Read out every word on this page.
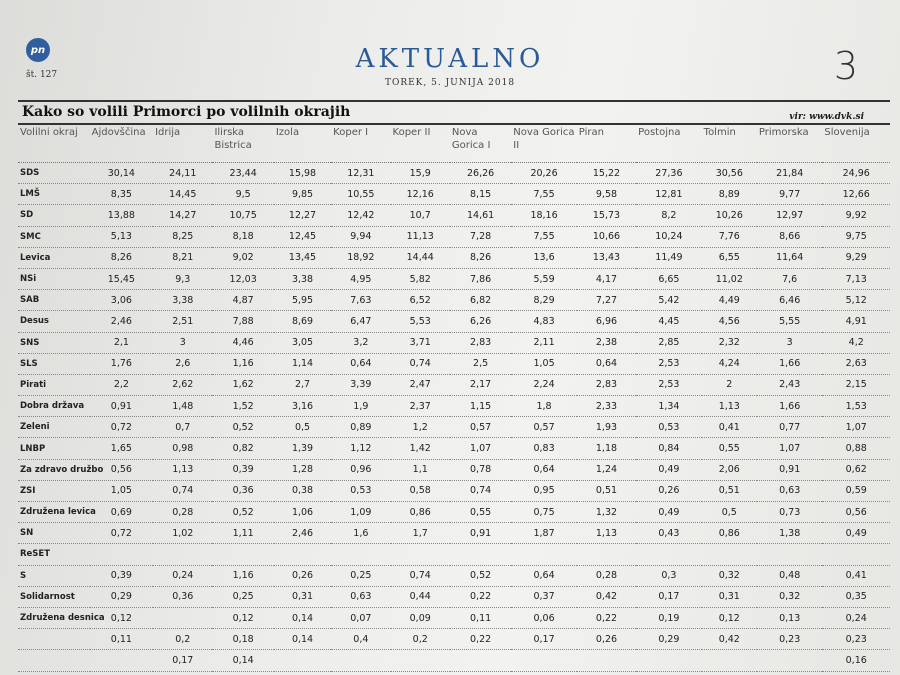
pn
št. 127
AKTUALNO
TOREK, 5. JUNIJA 2018	3
Kako so volili Primorci po volilnih okrajih	vir: www.dvk.si
Volilni okraj	Ajdovščina	Idrija	Ilirska Bistrica	Izola	Koper I	Koper II	Nova Gorica I	Nova Gorica II	Piran	Postojna	Tolmin	Primorska	Slovenija
SDS	30,14	24,11	23,44	15,98	12,31	15,9	26,26	20,26	15,22	27,36	30,56	21,84	24,96
LMŠ	8,35	14,45	9,5	9,85	10,55	12,16	8,15	7,55	9,58	12,81	8,89	9,77	12,66
SD	13,88	14,27	10,75	12,27	12,42	10,7	14,61	18,16	15,73	8,2	10,26	12,97	9,92
SMC	5,13	8,25	8,18	12,45	9,94	11,13	7,28	7,55	10,66	10,24	7,76	8,66	9,75
Levica	8,26	8,21	9,02	13,45	18,92	14,44	8,26	13,6	13,43	11,49	6,55	11,64	9,29
NSi	15,45	9,3	12,03	3,38	4,95	5,82	7,86	5,59	4,17	6,65	11,02	7,6	7,13
SAB	3,06	3,38	4,87	5,95	7,63	6,52	6,82	8,29	7,27	5,42	4,49	6,46	5,12
Desus	2,46	2,51	7,88	8,69	6,47	5,53	6,26	4,83	6,96	4,45	4,56	5,55	4,91
SNS	2,1	3	4,46	3,05	3,2	3,71	2,83	2,11	2,38	2,85	2,32	3	4,2
SLS	1,76	2,6	1,16	1,14	0,64	0,74	2,5	1,05	0,64	2,53	4,24	1,66	2,63
Pirati	2,2	2,62	1,62	2,7	3,39	2,47	2,17	2,24	2,83	2,53	2	2,43	2,15
Dobra država	0,91	1,48	1,52	3,16	1,9	2,37	1,15	1,8	2,33	1,34	1,13	1,66	1,53
Zeleni	0,72	0,7	0,52	0,5	0,89	1,2	0,57	0,57	1,93	0,53	0,41	0,77	1,07
LNBP	1,65	0,98	0,82	1,39	1,12	1,42	1,07	0,83	1,18	0,84	0,55	1,07	0,88
Za zdravo družbo	0,56	1,13	0,39	1,28	0,96	1,1	0,78	0,64	1,24	0,49	2,06	0,91	0,62
ZSI	1,05	0,74	0,36	0,38	0,53	0,58	0,74	0,95	0,51	0,26	0,51	0,63	0,59
Združena levica	0,69	0,28	0,52	1,06	1,09	0,86	0,55	0,75	1,32	0,49	0,5	0,73	0,56
SN	0,72	1,02	1,11	2,46	1,6	1,7	0,91	1,87	1,13	0,43	0,86	1,38	0,49
ReSET													
S	0,39	0,24	1,16	0,26	0,25	0,74	0,52	0,64	0,28	0,3	0,32	0,48	0,41
Solidarnost	0,29	0,36	0,25	0,31	0,63	0,44	0,22	0,37	0,42	0,17	0,31	0,32	0,35
Združena desnica	0,12		0,12	0,14	0,07	0,09	0,11	0,06	0,22	0,19	0,12	0,13	0,24
	0,11	0,2	0,18	0,14	0,4	0,2	0,22	0,17	0,26	0,29	0,42	0,23	0,23
		0,17	0,14										0,16
